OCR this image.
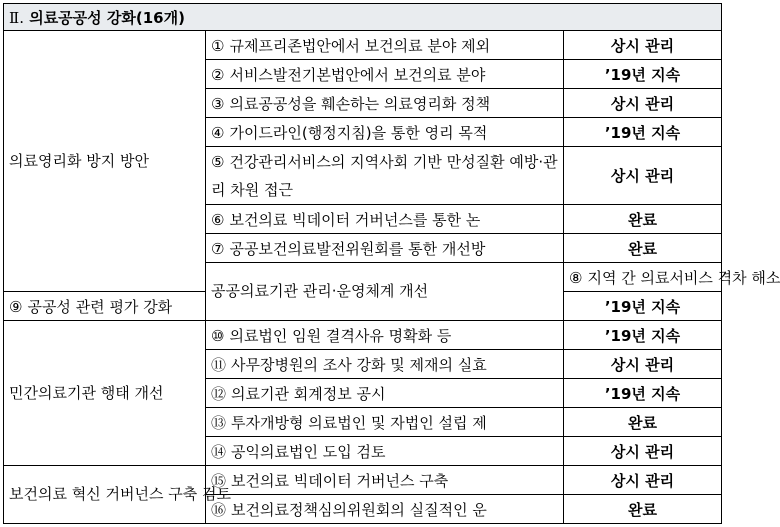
Ⅱ. 의료공공성 강화(16개)			
의료영리화 방지 방안	① 규제프리존법안에서 보건의료 분야 제외	상시 관리	
	② 서비스발전기본법안에서 보건의료 분야	’19년 지속	
	③ 의료공공성을 훼손하는 의료영리화 정책	상시 관리	
	④ 가이드라인(행정지침)을 통한 영리 목적	’19년 지속	
	⑤ 건강관리서비스의 지역사회 기반 만성질환 예방·관리 차원 접근	상시 관리	
	⑥ 보건의료 빅데이터 거버넌스를 통한 논	완료	
	⑦ 공공보건의료발전위원회를 통한 개선방	완료	
	공공의료기관 관리·운영체계 개선	⑧ 지역 간 의료서비스 격차 해소	
⑨ 공공성 관련 평가 강화		’19년 지속	
민간의료기관 행태 개선	⑩ 의료법인 임원 결격사유 명확화 등	’19년 지속	
	⑪ 사무장병원의 조사 강화 및 제재의 실효	상시 관리	
	⑫ 의료기관 회계정보 공시	’19년 지속	
	⑬ 투자개방형 의료법인 및 자법인 설립 제	완료	
	⑭ 공익의료법인 도입 검토	상시 관리	
보건의료 혁신 거버넌스 구축 검토	⑮ 보건의료 빅데이터 거버넌스 구축	상시 관리	
	⑯ 보건의료정책심의위원회의 실질적인 운	완료	
